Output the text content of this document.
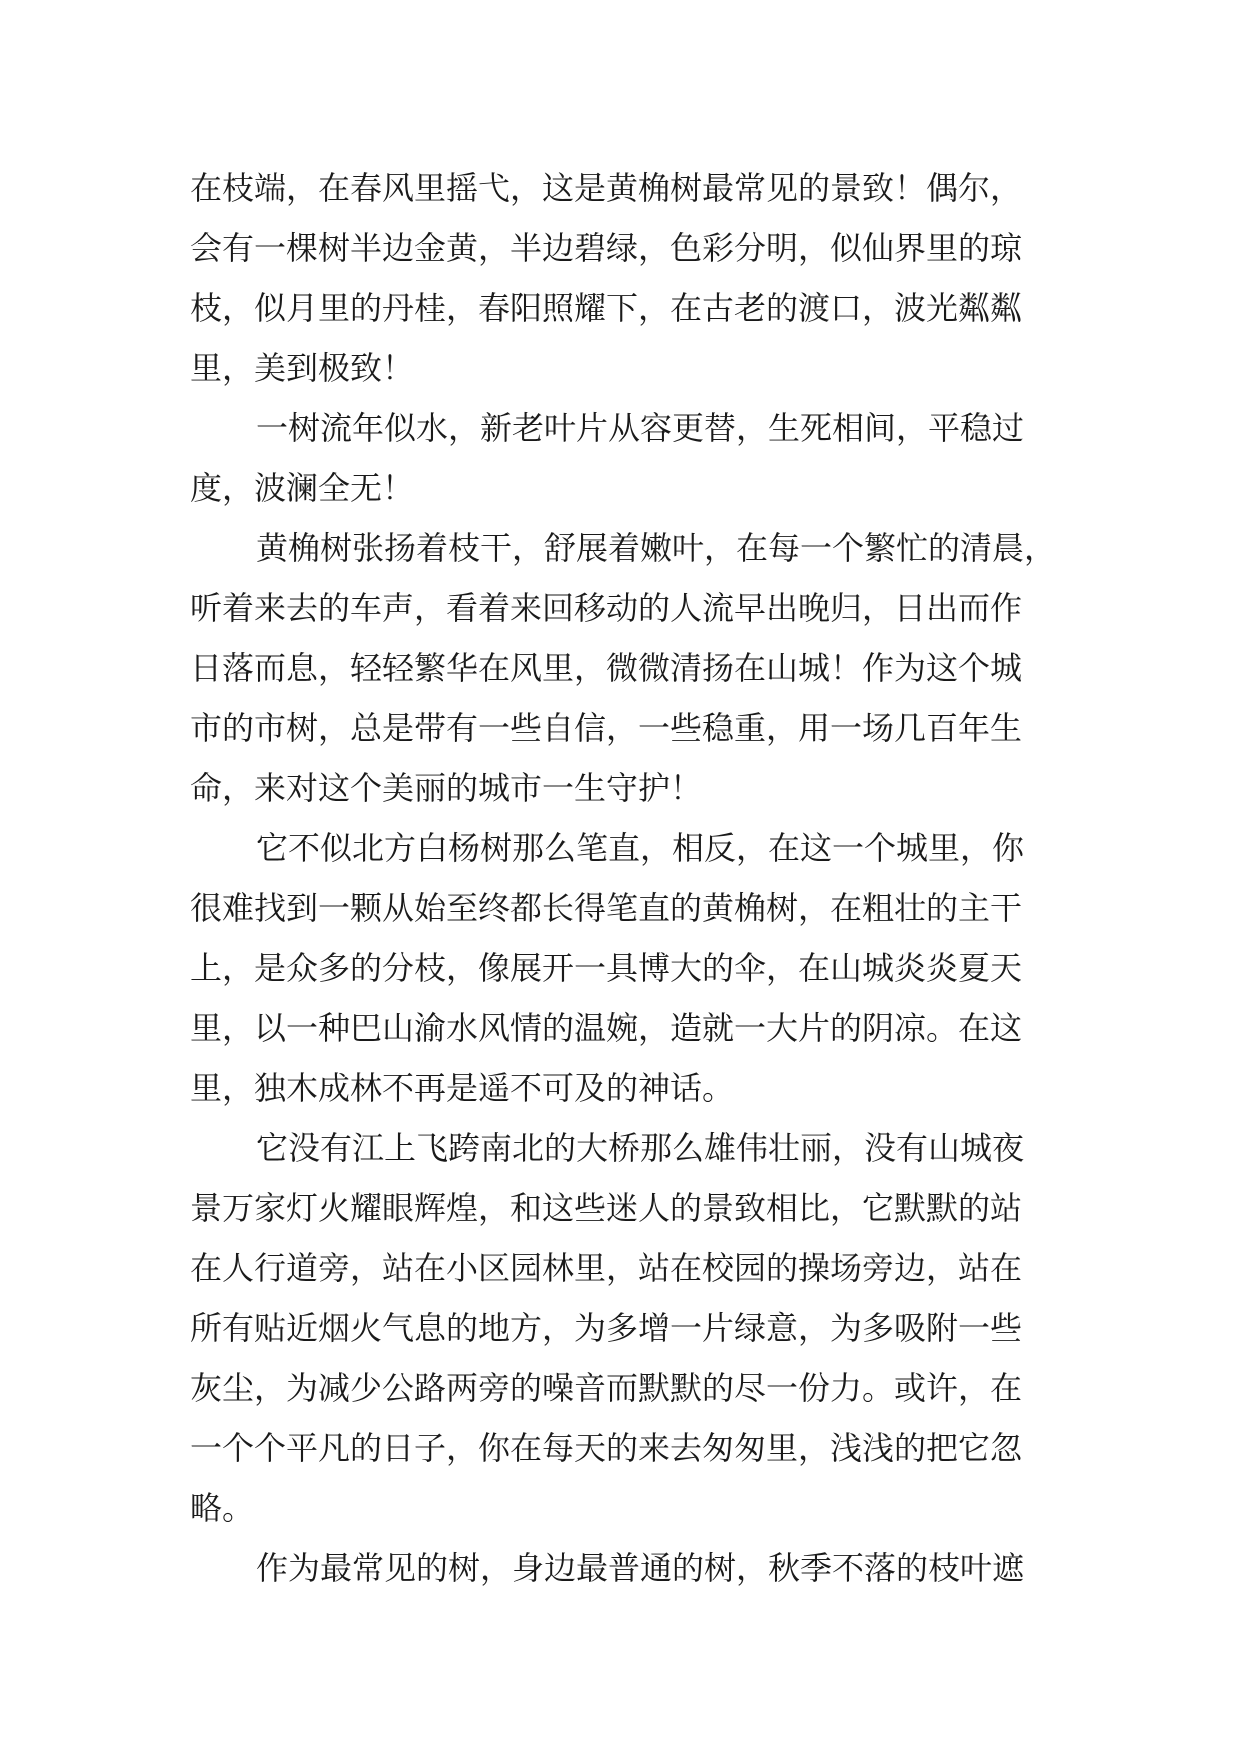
在枝端，在春风里摇弋，这是黄桷树最常见的景致！偶尔，
会有一棵树半边金黄，半边碧绿，色彩分明，似仙界里的琼
枝，似月里的丹桂，春阳照耀下，在古老的渡口，波光粼粼
里，美到极致！
一树流年似水，新老叶片从容更替，生死相间，平稳过
度，波澜全无！
黄桷树张扬着枝干，舒展着嫩叶，在每一个繁忙的清晨，
听着来去的车声，看着来回移动的人流早出晚归，日出而作
日落而息，轻轻繁华在风里，微微清扬在山城！作为这个城
市的市树，总是带有一些自信，一些稳重，用一场几百年生
命，来对这个美丽的城市一生守护！
它不似北方白杨树那么笔直，相反，在这一个城里，你
很难找到一颗从始至终都长得笔直的黄桷树，在粗壮的主干
上，是众多的分枝，像展开一具博大的伞，在山城炎炎夏天
里，以一种巴山渝水风情的温婉，造就一大片的阴凉。在这
里，独木成林不再是遥不可及的神话。
它没有江上飞跨南北的大桥那么雄伟壮丽，没有山城夜
景万家灯火耀眼辉煌，和这些迷人的景致相比，它默默的站
在人行道旁，站在小区园林里，站在校园的操场旁边，站在
所有贴近烟火气息的地方，为多增一片绿意，为多吸附一些
灰尘，为减少公路两旁的噪音而默默的尽一份力。或许，在
一个个平凡的日子，你在每天的来去匆匆里，浅浅的把它忽
略。
作为最常见的树，身边最普通的树，秋季不落的枝叶遮
